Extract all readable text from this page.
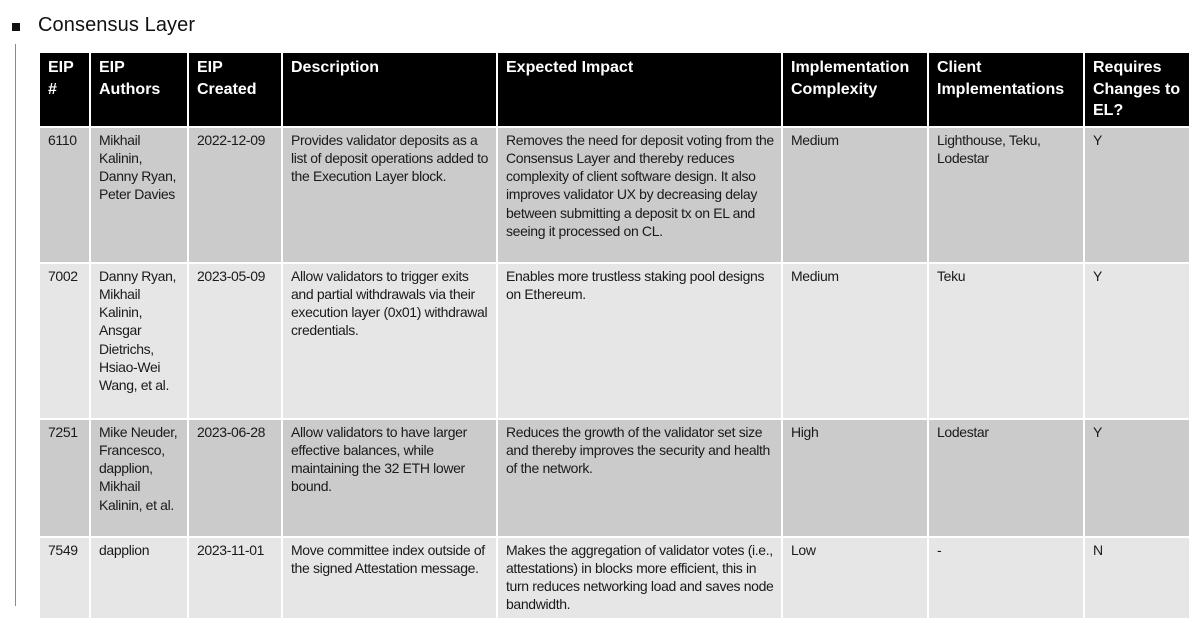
Consensus Layer
EIP #	EIP Authors	EIP Created	Description	Expected Impact	Implementation Complexity	Client Implementations	Requires Changes to EL?
6110	Mikhail Kalinin, Danny Ryan, Peter Davies	2022-12-09	Provides validator deposits as a list of deposit operations added to the Execution Layer block.	Removes the need for deposit voting from the Consensus Layer and thereby reduces complexity of client software design. It also improves validator UX by decreasing delay between submitting a deposit tx on EL and seeing it processed on CL.	Medium	Lighthouse, Teku, Lodestar	Y
7002	Danny Ryan, Mikhail Kalinin, Ansgar Dietrichs, Hsiao-Wei Wang, et al.	2023-05-09	Allow validators to trigger exits and partial withdrawals via their execution layer (0x01) withdrawal credentials.	Enables more trustless staking pool designs on Ethereum.	Medium	Teku	Y
7251	Mike Neuder, Francesco, dapplion, Mikhail Kalinin, et al.	2023-06-28	Allow validators to have larger effective balances, while maintaining the 32 ETH lower bound.	Reduces the growth of the validator set size and thereby improves the security and health of the network.	High	Lodestar	Y
7549	dapplion	2023-11-01	Move committee index outside of the signed Attestation message.	Makes the aggregation of validator votes (i.e., attestations) in blocks more efficient, this in turn reduces networking load and saves node bandwidth.	Low	-	N
